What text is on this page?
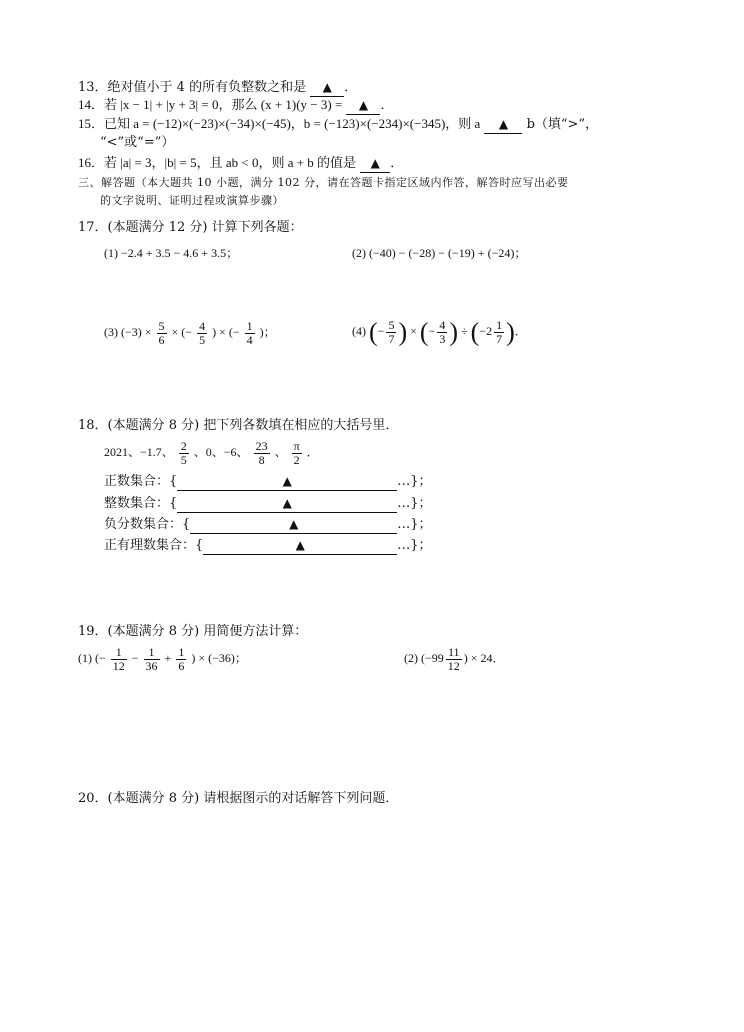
13．绝对值小于 4 的所有负整数之和是 ▲ ．
14．若 |x − 1| + |y + 3| = 0，那么 (x + 1)(y − 3) = ▲ ．
15．已知 a = (−12)×(−23)×(−34)×(−45)，b = (−123)×(−234)×(−345)，则 a ▲ b（填“>”，
“<”或“=”）
16．若 |a| = 3，|b| = 5，且 ab < 0，则 a + b 的值是 ▲ ．
三、解答题（本大题共 10 小题，满分 102 分，请在答题卡指定区域内作答，解答时应写出必要
的文字说明、证明过程或演算步骤）
17．(本题满分 12 分) 计算下列各题：
(1) −2.4 + 3.5 − 4.6 + 3.5；	(2) (−40) − (−28) − (−19) + (−24)；
(3) $(-3) \times \frac{5}{6}$ × (− $\frac{4}{5}$ ) × (− $\frac{1}{4}$ )；	(4) (− $\frac{5}{7}$ ) × (− $\frac{4}{3}$ ) ÷ ($-2 \frac{1}{7}$ )．
18．(本题满分 8 分) 把下列各数填在相应的大括号里．
2021、−1.7、 $\frac{2}{5}$ 、0、−6、 $\frac{23}{8}$ 、 $\frac{\pi}{2}$ ．
正数集合：{	▲	…}；
整数集合：{	▲	…}；
负分数集合：{	▲	…}；
正有理数集合：{	▲	…}；
19．(本题满分 8 分) 用简便方法计算：
(1) (− $\frac{1}{12} - \frac{1}{36} + \frac{1}{6}$ ) × (−36)；	(2) ($-99 \frac{11}{12}$ ) × 24．
20．(本题满分 8 分) 请根据图示的对话解答下列问题．
